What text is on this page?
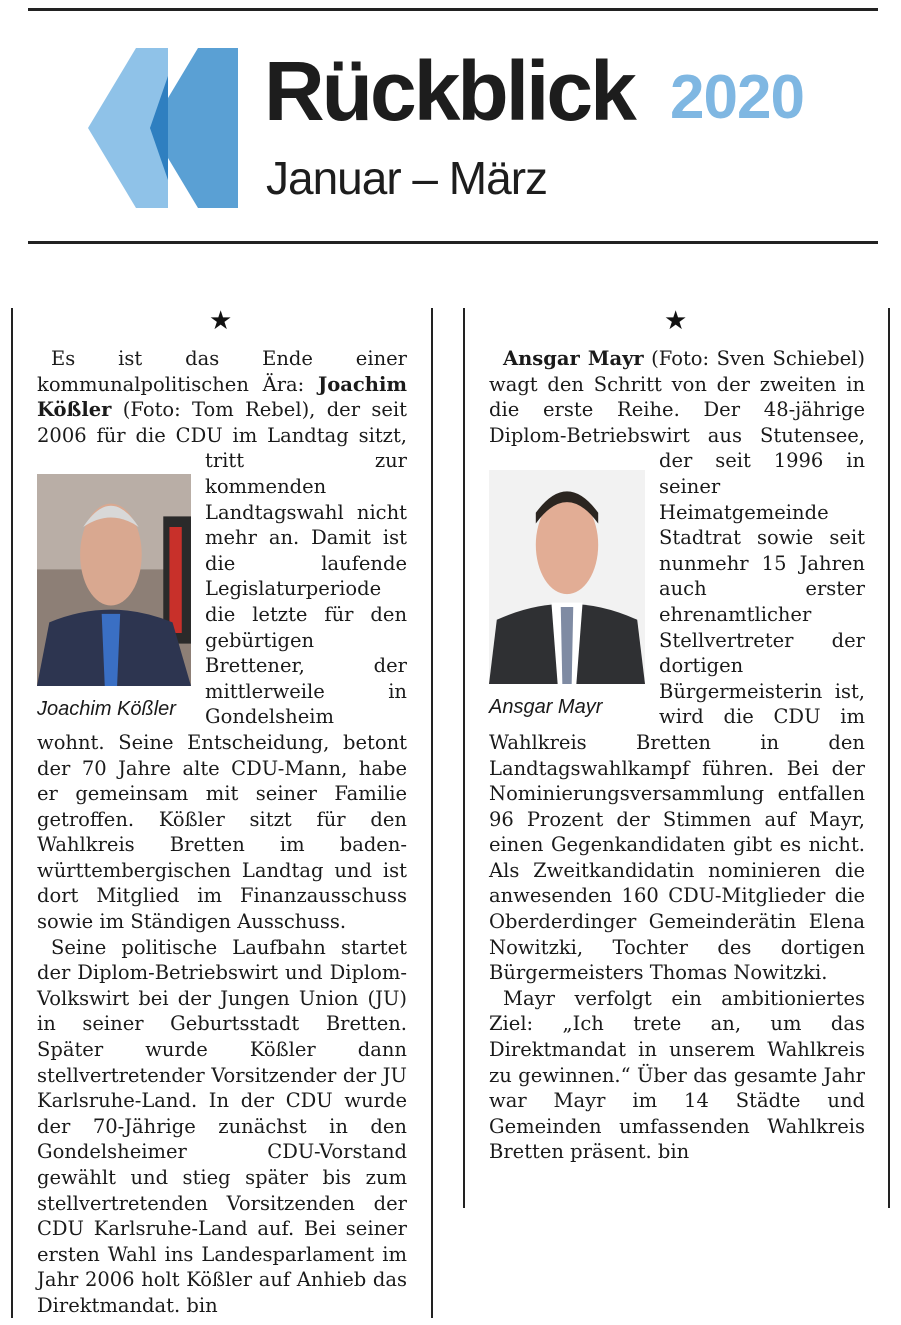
Rückblick 2020
Januar – März
★	★

Es ist das Ende einer kommunalpolitischen Ära: Joachim Kößler (Foto: Tom Rebel), der seit 2006 für die CDU im Landtag sitzt, tritt zur
Joachim Kößler
kommenden Landtagswahl nicht mehr an. Damit ist die laufende Legislaturperiode die letzte für den gebürtigen Brettener, der mittlerweile in Gondelsheim wohnt. Seine Entscheidung, betont der 70 Jahre alte CDU-Mann, habe er gemeinsam mit seiner Familie getroffen. Kößler sitzt für den Wahlkreis Bretten im baden-württembergischen Landtag und ist dort Mitglied im Finanzausschuss sowie im Ständigen Ausschuss.

Seine politische Laufbahn startet der Diplom-Betriebswirt und Diplom-Volkswirt bei der Jungen Union (JU) in seiner Geburtsstadt Bretten. Später wurde Kößler dann stellvertretender Vorsitzender der JU Karlsruhe-Land. In der CDU wurde der 70-Jährige zunächst in den Gondelsheimer CDU-Vorstand gewählt und stieg später bis zum stellvertretenden Vorsitzenden der CDU Karlsruhe-Land auf. Bei seiner ersten Wahl ins Landesparlament im Jahr 2006 holt Kößler auf Anhieb das Direktmandat. bin

Ansgar Mayr (Foto: Sven Schiebel) wagt den Schritt von der zweiten in die erste Reihe. Der 48-jährige Diplom-Betriebswirt aus
Ansgar Mayr
Stutensee, der seit 1996 in seiner Heimatgemeinde Stadtrat sowie seit nunmehr 15 Jahren auch erster ehrenamtlicher Stellvertreter der dortigen Bürgermeisterin ist, wird die CDU im Wahlkreis Bretten in den Landtagswahlkampf führen. Bei der Nominierungsversammlung entfallen 96 Prozent der Stimmen auf Mayr, einen Gegenkandidaten gibt es nicht. Als Zweitkandidatin nominieren die anwesenden 160 CDU-Mitglieder die Oberderdinger Gemeinderätin Elena Nowitzki, Tochter des dortigen Bürgermeisters Thomas Nowitzki.

Mayr verfolgt ein ambitioniertes Ziel: „Ich trete an, um das Direktmandat in unserem Wahlkreis zu gewinnen.“ Über das gesamte Jahr war Mayr im 14 Städte und Gemeinden umfassenden Wahlkreis Bretten präsent. bin
